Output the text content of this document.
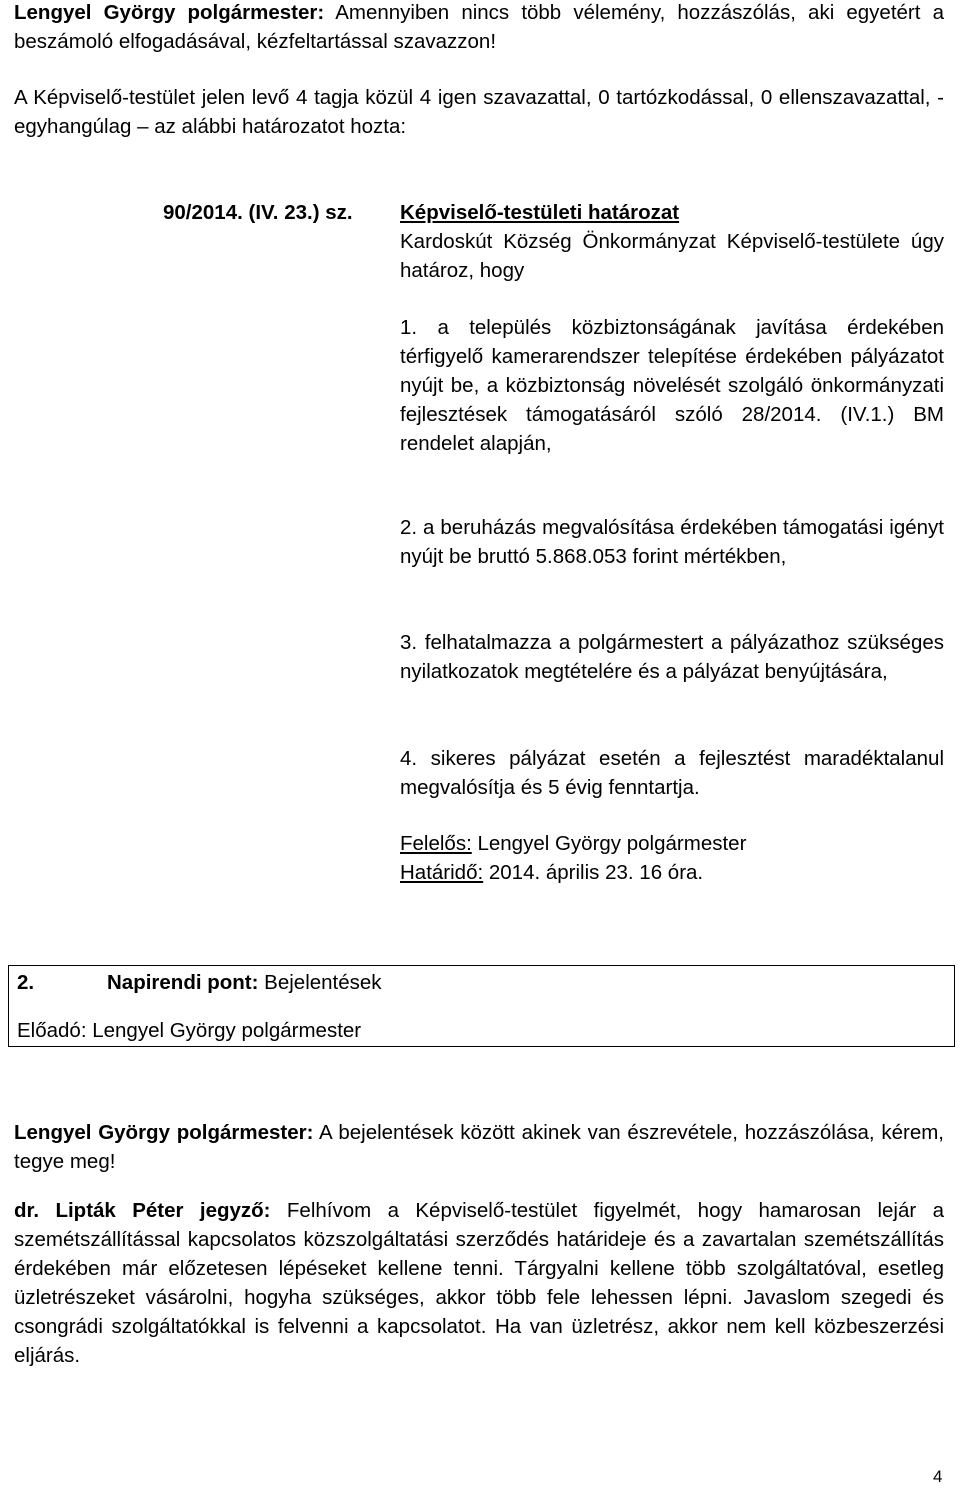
Lengyel György polgármester: Amennyiben nincs több vélemény, hozzászólás, aki egyetért a beszámoló elfogadásával, kézfeltartással szavazzon!

A Képviselő-testület jelen levő 4 tagja közül 4 igen szavazattal, 0 tartózkodással, 0 ellenszavazattal, - egyhangúlag – az alábbi határozatot hozta:

90/2014. (IV. 23.) sz. Képviselő-testületi határozat

Kardoskút Község Önkormányzat Képviselő-testülete úgy határoz, hogy

1. a település közbiztonságának javítása érdekében térfigyelő kamerarendszer telepítése érdekében pályázatot nyújt be, a közbiztonság növelését szolgáló önkormányzati fejlesztések támogatásáról szóló 28/2014. (IV.1.) BM rendelet alapján,

2. a beruházás megvalósítása érdekében támogatási igényt nyújt be bruttó 5.868.053 forint mértékben,

3. felhatalmazza a polgármestert a pályázathoz szükséges nyilatkozatok megtételére és a pályázat benyújtására,

4. sikeres pályázat esetén a fejlesztést maradéktalanul megvalósítja és 5 évig fenntartja.

Felelős: Lengyel György polgármester

Határidő: 2014. április 23. 16 óra.

2.	Napirendi pont: Bejelentések

Előadó: Lengyel György polgármester

Lengyel György polgármester: A bejelentések között akinek van észrevétele, hozzászólása, kérem, tegye meg!

dr. Lipták Péter jegyző: Felhívom a Képviselő-testület figyelmét, hogy hamarosan lejár a szemétszállítással kapcsolatos közszolgáltatási szerződés határideje és a zavartalan szemétszállítás érdekében már előzetesen lépéseket kellene tenni. Tárgyalni kellene több szolgáltatóval, esetleg üzletrészeket vásárolni, hogyha szükséges, akkor több fele lehessen lépni. Javaslom szegedi és csongrádi szolgáltatókkal is felvenni a kapcsolatot. Ha van üzletrész, akkor nem kell közbeszerzési eljárás.

4
